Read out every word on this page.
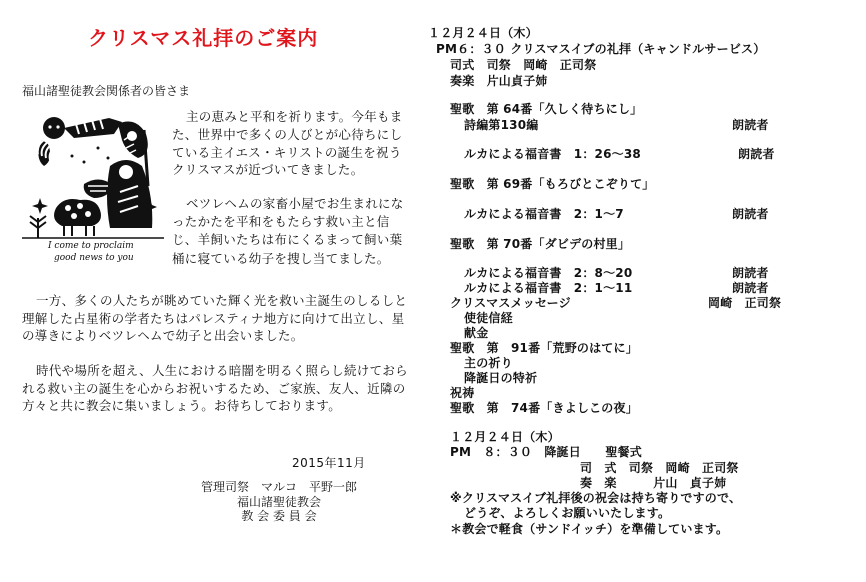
クリスマス礼拝のご案内
福山諸聖徒教会関係者の皆さま
I come to proclaim
good news to you
主の恵みと平和を祈ります。今年もまた、世界中で多くの人びとが心待ちにしている主イエス・キリストの誕生を祝うクリスマスが近づいてきました。
ベツレヘムの家畜小屋でお生まれになったかたを平和をもたらす救い主と信じ、羊飼いたちは布にくるまって飼い葉桶に寝ている幼子を捜し当てました。
一方、多くの人たちが眺めていた輝く光を救い主誕生のしるしと理解した占星術の学者たちはパレスティナ地方に向けて出立し、星の導きによりベツレヘムで幼子と出会いました。
時代や場所を超え、人生における暗闇を明るく照らし続けておられる救い主の誕生を心からお祝いするため、ご家族、友人、近隣の方々と共に教会に集いましょう。お待ちしております。
2015年11月
管理司祭　マルコ　平野一郎
福山諸聖徒教会
教 会 委 員 会
１２月２４日（木）
PM６：３０ クリスマスイブの礼拝（キャンドルサービス）
司式　司祭　岡崎　正司祭
奏楽　片山貞子姉
聖歌　第 64番「久しく待ちにし」
詩編第130編	朗読者
ルカによる福音書　1：26～38	朗読者
聖歌　第 69番「もろびとこぞりて」
ルカによる福音書　2：1～7	朗読者
聖歌　第 70番「ダビデの村里」
ルカによる福音書　2：8～20	朗読者
ルカによる福音書　2：1～11	朗読者
クリスマスメッセージ	岡崎　正司祭
使徒信経
献金
聖歌　第　91番「荒野のはてに」
主の祈り
降誕日の特祈
祝祷
聖歌　第　74番「きよしこの夜」
１２月２４日（木）
PM　８：３０　降誕日　　聖餐式
司　式　司祭　岡崎　正司祭
奏　楽　　　片山　貞子姉
※クリスマスイブ礼拝後の祝会は持ち寄りですので、
どうぞ、よろしくお願いいたします。
＊教会で軽食（サンドイッチ）を準備しています。
